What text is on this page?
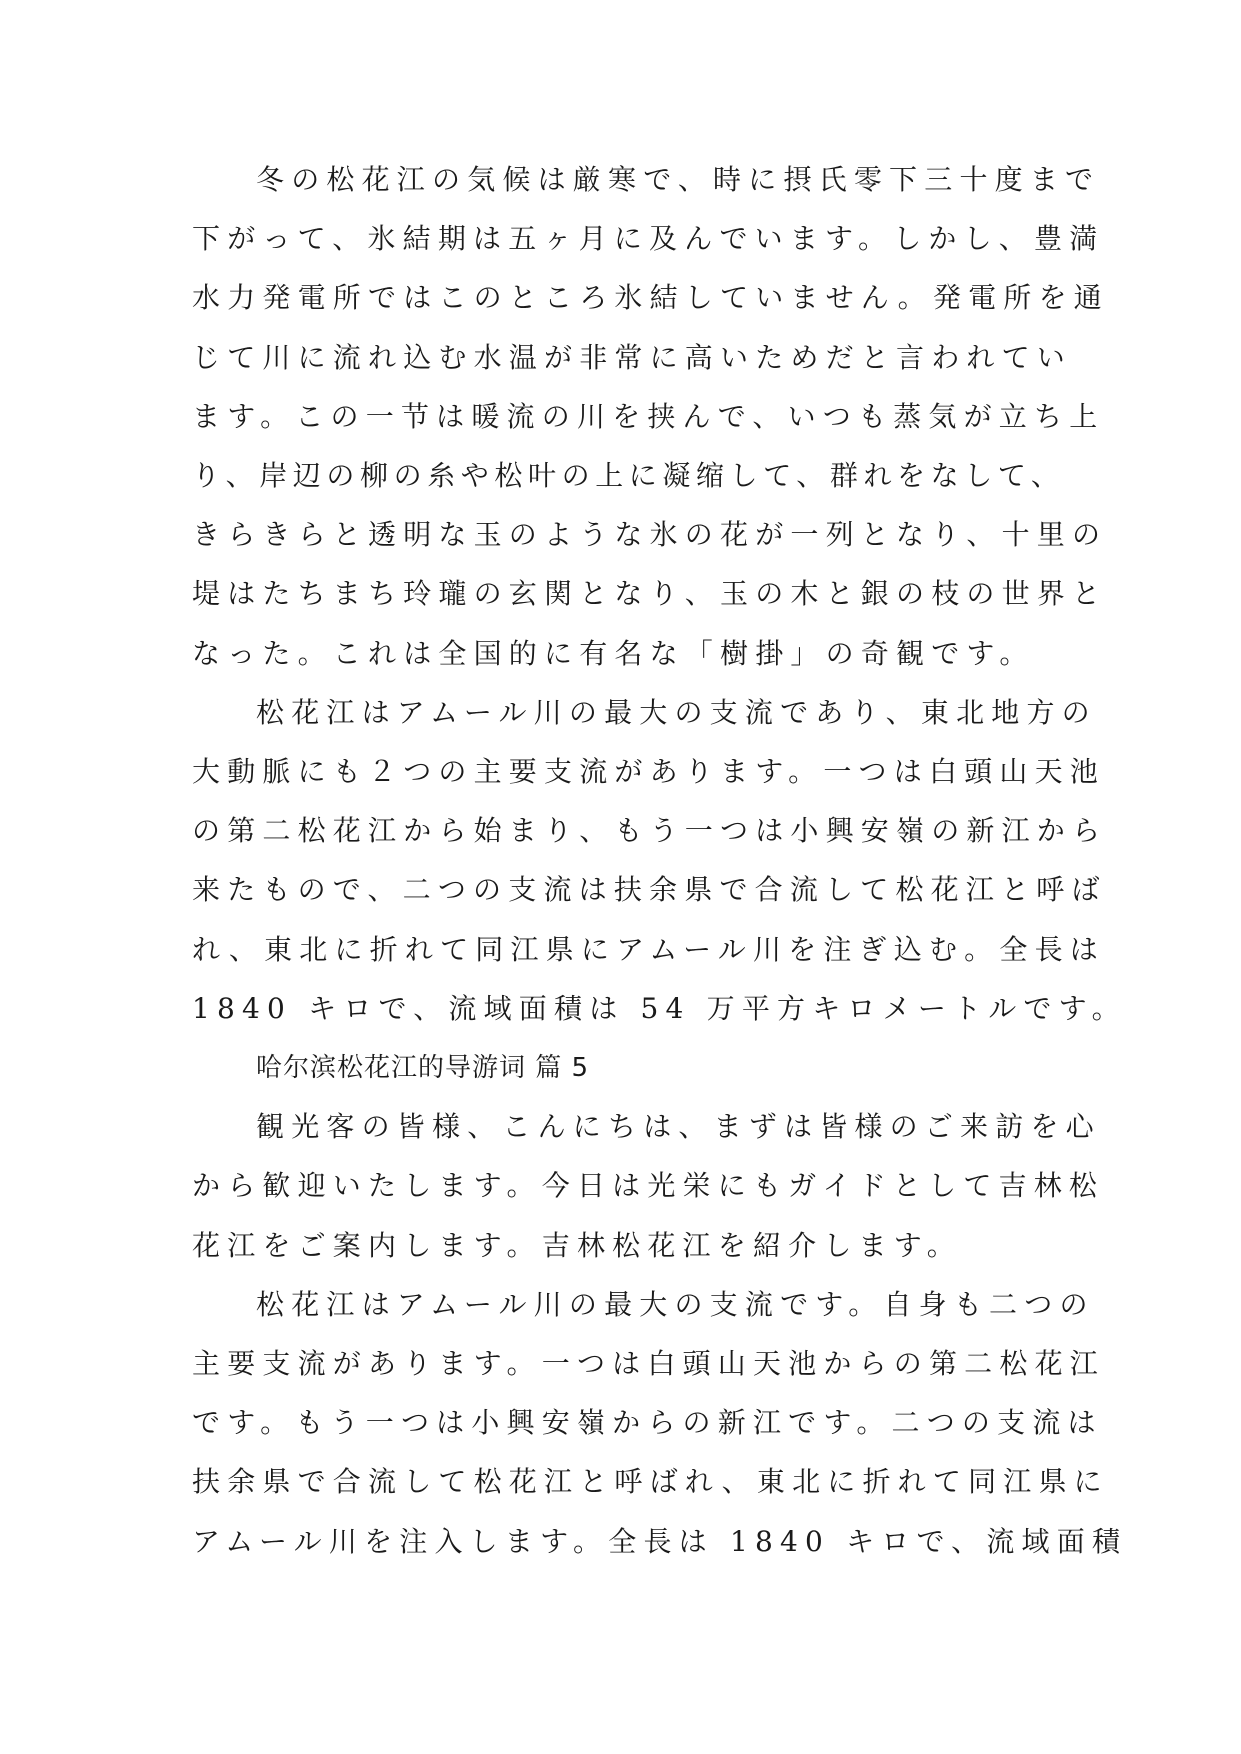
冬の松花江の気候は厳寒で、時に摂氏零下三十度まで
下がって、氷結期は五ヶ月に及んでいます。しかし、豊満
水力発電所ではこのところ氷結していません。発電所を通
じて川に流れ込む水温が非常に高いためだと言われてい
ます。この一节は暖流の川を挟んで、いつも蒸気が立ち上
り、岸辺の柳の糸や松叶の上に凝缩して、群れをなして、
きらきらと透明な玉のような氷の花が一列となり、十里の
堤はたちまち玲瓏の玄関となり、玉の木と銀の枝の世界と
なった。これは全国的に有名な「樹掛」の奇観です。
松花江はアムール川の最大の支流であり、東北地方の
大動脈にも２つの主要支流があります。一つは白頭山天池
の第二松花江から始まり、もう一つは小興安嶺の新江から
来たもので、二つの支流は扶余県で合流して松花江と呼ば
れ、東北に折れて同江県にアムール川を注ぎ込む。全長は
1840 キロで、流域面積は 54 万平方キロメートルです。
哈尔滨松花江的导游词 篇 5
観光客の皆様、こんにちは、まずは皆様のご来訪を心
から歓迎いたします。今日は光栄にもガイドとして吉林松
花江をご案内します。吉林松花江を紹介します。
松花江はアムール川の最大の支流です。自身も二つの
主要支流があります。一つは白頭山天池からの第二松花江
です。もう一つは小興安嶺からの新江です。二つの支流は
扶余県で合流して松花江と呼ばれ、東北に折れて同江県に
アムール川を注入します。全長は 1840 キロで、流域面積
